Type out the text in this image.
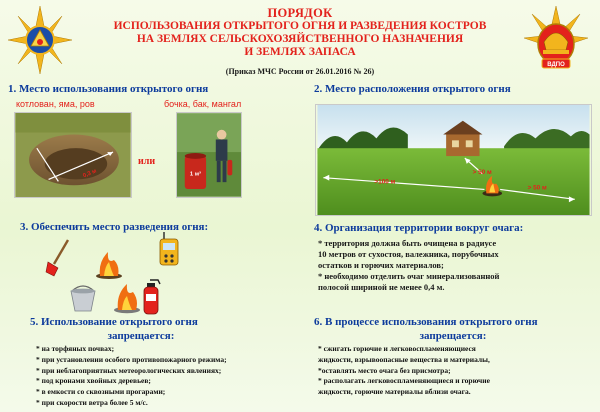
ВДПО
ПОРЯДОК
ИСПОЛЬЗОВАНИЯ ОТКРЫТОГО ОГНЯ И РАЗВЕДЕНИЯ КОСТРОВ
НА ЗЕМЛЯХ СЕЛЬСКОХОЗЯЙСТВЕННОГО НАЗНАЧЕНИЯ
И ЗЕМЛЯХ ЗАПАСА
(Приказ МЧС России от 26.01.2016 № 26)
1. Место использования открытого огня
котлован, яма, ров	бочка, бак, мангал
0,3 м
или
1 м³
2. Место расположения открытого огня
>100 м
> 50 м
> 50 м
3. Обеспечить место разведения огня:	4. Организация территории вокруг очага:
* территория должна быть очищена в радиусе
10 метров от сухостоя, валежника, порубочных
остатков и горючих материалов;
* необходимо отделить очаг минерализованной
полосой шириной не менее 0,4 м.
5. Использование открытого огня
запрещается:
* на торфяных почвах;
* при установлении особого противопожарного режима;
* при неблагоприятных метеорологических явлениях;
* под кронами хвойных деревьев;
* в емкости со сквозными прогарами;
* при скорости ветра более 5 м/с.
6. В процессе использования открытого огня
запрещается:
* сжигать горючие и легковоспламеняющиеся
жидкости, взрывоопасные вещества и материалы,
*оставлять место очага без присмотра;
* располагать легковоспламеняющиеся и горючие
жидкости, горючие материалы вблизи очага.
